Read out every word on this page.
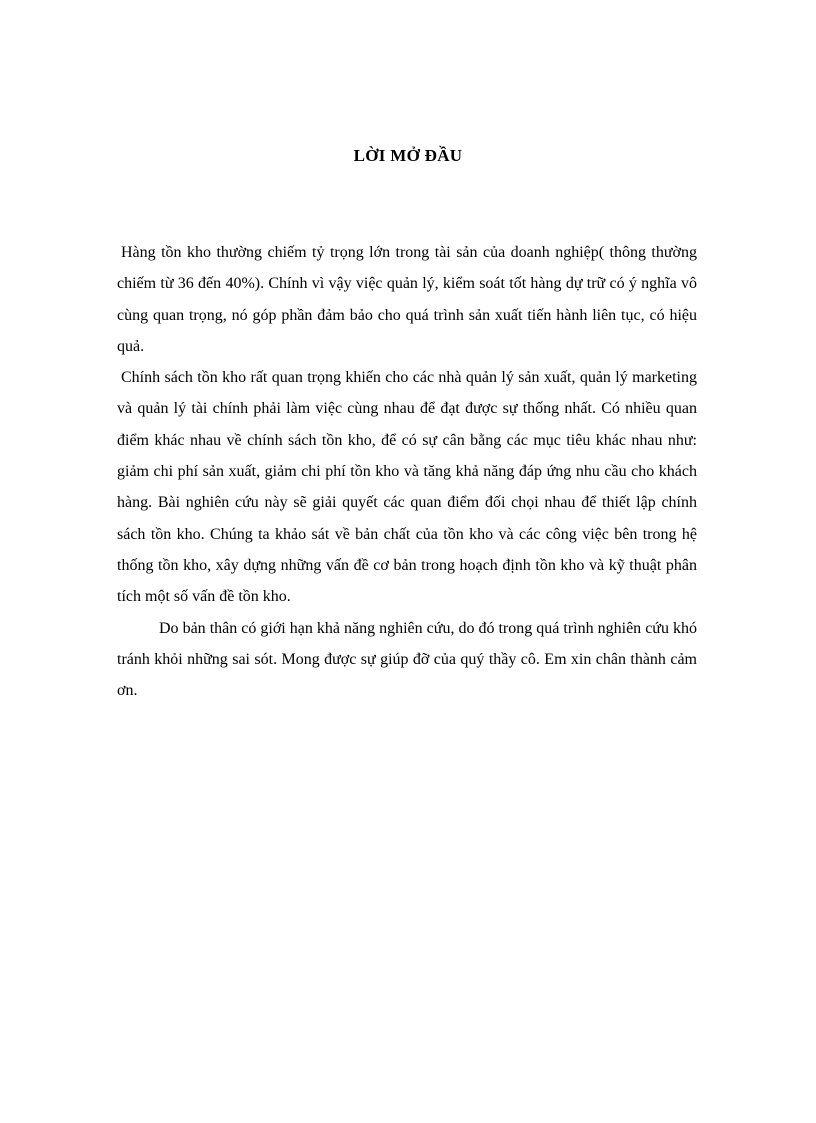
LỜI MỞ ĐẦU

Hàng tồn kho thường chiếm tỷ trọng lớn trong tài sản của doanh nghiệp( thông thường chiếm từ 36 đến 40%). Chính vì vậy việc quản lý, kiểm soát tốt hàng dự trữ có ý nghĩa vô cùng quan trọng, nó góp phần đảm bảo cho quá trình sản xuất tiến hành liên tục, có hiệu quả.

Chính sách tồn kho rất quan trọng khiến cho các nhà quản lý sản xuất, quản lý marketing và quản lý tài chính phải làm việc cùng nhau để đạt được sự thống nhất. Có nhiều quan điểm khác nhau về chính sách tồn kho, để có sự cân bằng các mục tiêu khác nhau như: giảm chi phí sản xuất, giảm chi phí tồn kho và tăng khả năng đáp ứng nhu cầu cho khách hàng. Bài nghiên cứu này sẽ giải quyết các quan điểm đối chọi nhau để thiết lập chính sách tồn kho. Chúng ta khảo sát về bản chất của tồn kho và các công việc bên trong hệ thống tồn kho, xây dựng những vấn đề cơ bản trong hoạch định tồn kho và kỹ thuật phân tích một số vấn đề tồn kho.

Do bản thân có giới hạn khả năng nghiên cứu, do đó trong quá trình nghiên cứu khó tránh khỏi những sai sót. Mong được sự giúp đỡ của quý thầy cô. Em xin chân thành cảm ơn.
